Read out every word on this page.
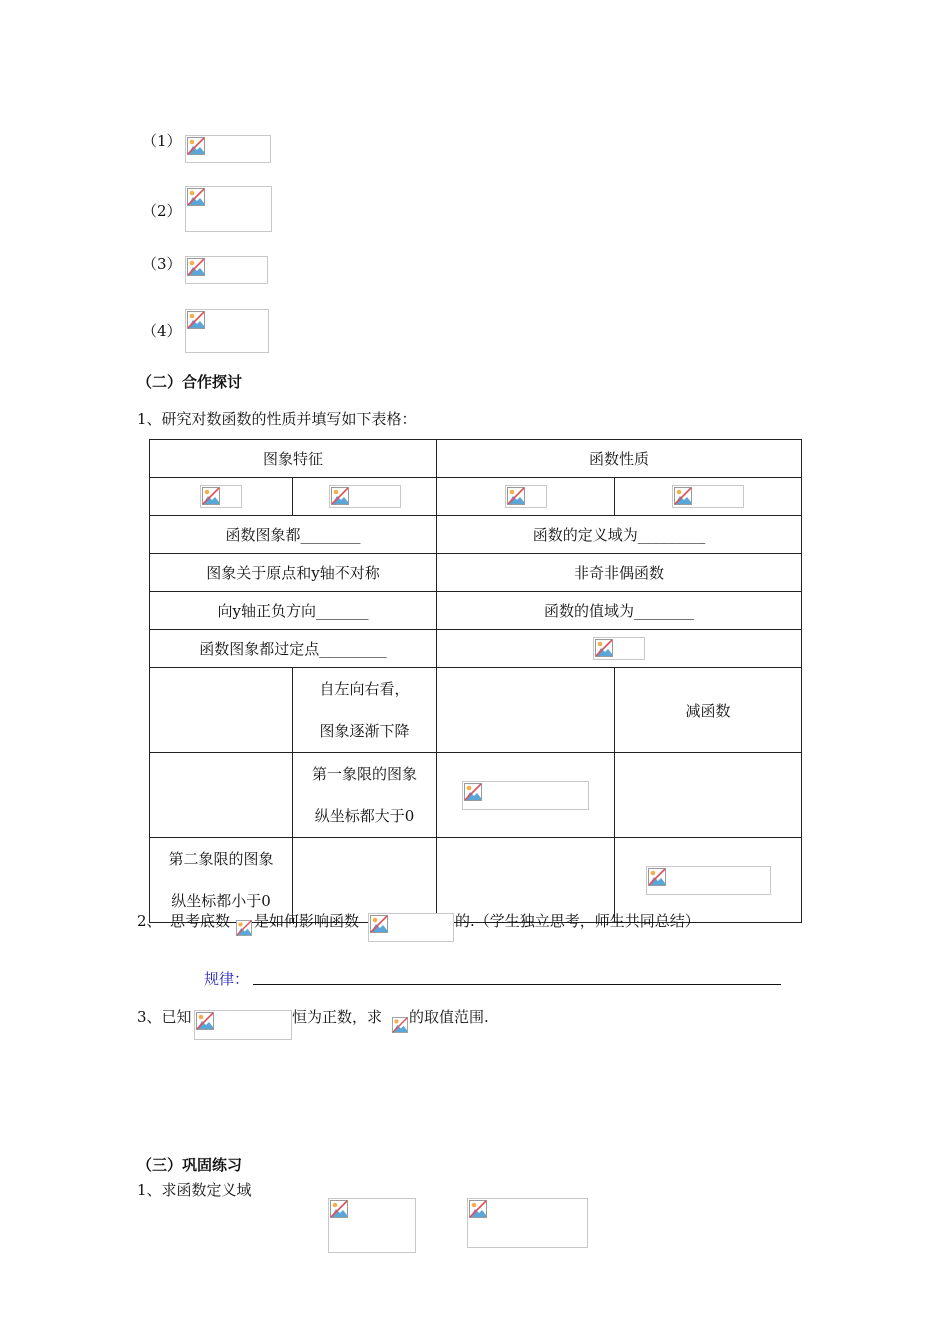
（1）
（2）
（3）
（4）
（二）合作探讨
1、研究对数函数的性质并填写如下表格：
图象特征		函数性质	

函数图象都________		函数的定义域为_________	
图象关于原点和y轴不对称		非奇非偶函数	
向y轴正负方向_______		函数的值域为________	
函数图象都过定点_________	

	自左向右看，
图象逐渐下降		减函数

	第一象限的图象
纵坐标都大于0

第二象限的图象
纵坐标都小于0

2、 思考底数 是如何影响函数	的.（学生独立思考，师生共同总结）
规律：
3、已知	恒为正数，求 的取值范围.
（三）巩固练习
1、求函数定义域
